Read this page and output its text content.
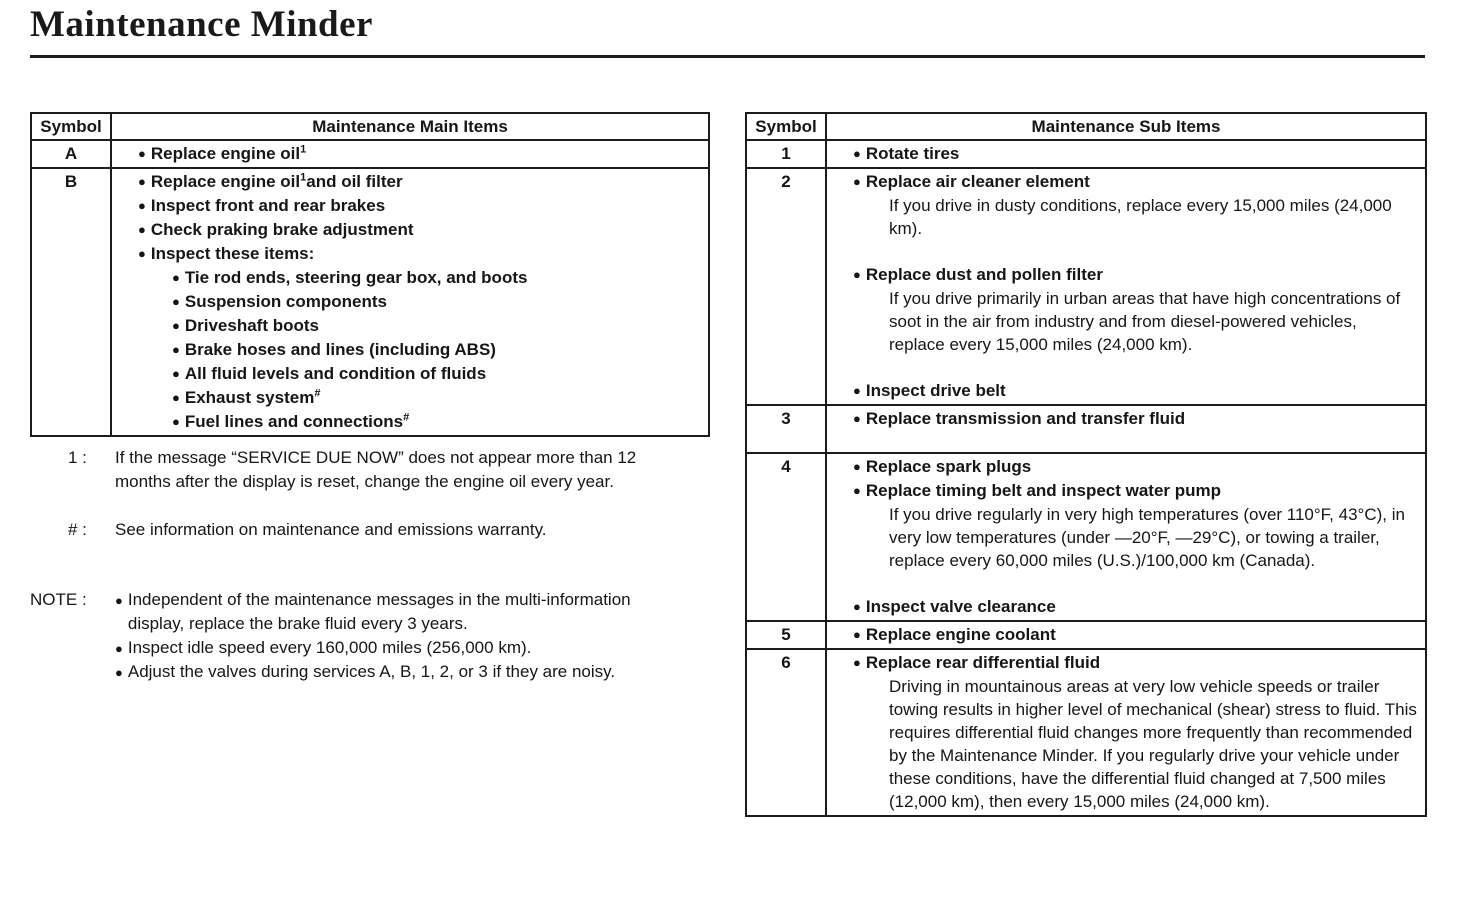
Maintenance Minder
Symbol	Maintenance Main Items
A	● Replace engine oil$^1$
B	● Replace engine oil$^1$and oil filter
● Inspect front and rear brakes
● Check praking brake adjustment
● Inspect these items:
● Tie rod ends, steering gear box, and boots
● Suspension components
● Driveshaft boots
● Brake hoses and lines (including ABS)
● All fluid levels and condition of fluids
● Exhaust system#
● Fuel lines and connections#
1 :	If the message “SERVICE DUE NOW” does not appear more than 12 months after the display is reset, change the engine oil every year.
# :	See information on maintenance and emissions warranty.
NOTE :	● Independent of the maintenance messages in the multi-information display, replace the brake fluid every 3 years.
● Inspect idle speed every 160,000 miles (256,000 km).
● Adjust the valves during services A, B, 1, 2, or 3 if they are noisy.
Symbol	Maintenance Sub Items
1	● Rotate tires
2	● Replace air cleaner element
If you drive in dusty conditions, replace every 15,000 miles (24,000 km).
● Replace dust and pollen filter
If you drive primarily in urban areas that have high concentrations of soot in the air from industry and from diesel-powered vehicles, replace every 15,000 miles (24,000 km).
● Inspect drive belt
3	● Replace transmission and transfer fluid
4	● Replace spark plugs
● Replace timing belt and inspect water pump
If you drive regularly in very high temperatures (over 110°F, 43°C), in very low temperatures (under —20°F, —29°C), or towing a trailer, replace every 60,000 miles (U.S.)/100,000 km (Canada).
● Inspect valve clearance
5	● Replace engine coolant
6	● Replace rear differential fluid
Driving in mountainous areas at very low vehicle speeds or trailer towing results in higher level of mechanical (shear) stress to fluid. This requires differential fluid changes more frequently than recommended by the Maintenance Minder. If you regularly drive your vehicle under these conditions, have the differential fluid changed at 7,500 miles (12,000 km), then every 15,000 miles (24,000 km).
